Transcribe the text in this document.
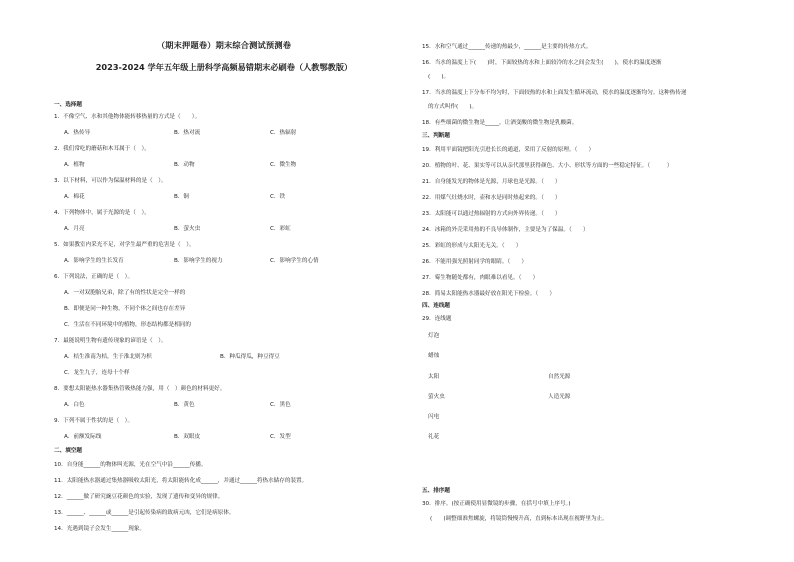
（期末押题卷）期末综合测试预测卷
2023-2024 学年五年级上册科学高频易错期末必刷卷（人教鄂教版）
一、选择题
1．不像空气、水和其他物体能转移热量的方式是（　　）。
A．热传导	B．热对流	C．热辐射
2．我们常吃的蘑菇和木耳属于（　）。
A．植物	B．动物	C．微生物
3．以下材料，可以作为保温材料的是（　）。
A．棉花	B．铜	C．铁
4．下列物体中，属于光源的是（　）。
A．月亮	B．萤火虫	C．彩虹
5．如果教室内采光不足，对学生最严重的危害是（　）。
A．影响学生的生长发育	B．影响学生的视力	C．影响学生的心情
6．下列说法，正确的是（　）。
A．一对双胞胎兄弟，除了有的性状是完全一样的
B．即便是同一种生物，不同个体之间也存在差异
C．生活在不同环境中的植物，形态结构都是相同的
7．最能说明生物有遗传现象的谚语是（　）。
A．桔生淮南为桔，生于淮北则为枳	B．种瓜得瓜，种豆得豆
C．龙生九子，连母十个样
8．要想太阳能热水器集热管吸热能力强，用（　）颜色的材料更好。
A．白色	B．黄色	C．黑色
9．下列不属于性状的是（　）。
A．前额发际线	B．双眼皮	C．发型
二、填空题
10．自身能______的物体叫光源，光在空气中沿______传播。
11．太阳能热水器通过集热器吸收太阳光，将太阳能转化成______，并通过______将热水储存的装置。
12．______做了研究豌豆花颜色的实验，发现了遗传和变异的规律。
13．______、______或______是引起传染病的致病元凶，它们是病原体。
14．光遇到镜子会发生______现象。
15．水和空气通过______传递的热最少，______是主要的传热方式。
16．当水的温度上下(　　)时，下面较热的水和上面较冷的水之间会发生(　　)，使水的温度逐渐
(　　)。
17．当水的温度上下分布不均匀时，下面较热的水和上面发生循环流动，使水的温度逐渐均匀。这种热传递
的方式叫作(　　)。
18．有些细菌的微生物是_____，让酒变酸的微生物是乳酸菌。
三、判断题
19．利用平面镜把阳光引进长长的通道，采用了反射的原理。（　　）
20．植物的叶、花、果实等可以从亲代那里获得颜色、大小、形状等方面的一些稳定特征。（　　　）
21．自身能发光的物体是光源，月球也是光源。（　　）
22．用煤气灶烧水时，壶和水是同时热起来的。（　　）
23．太阳能可以通过热辐射的方式向外界传递。（　　）
24．冰箱的外壳采用热的不良导体制作，主要是为了保温。（　　）
25．彩虹的形成与太阳光无关。（　　）
26．不能用强光照射同学的眼睛。（　　）
27．霉生物随处都有，肉眼难以看见。（　　）
28．简易太阳能热水器最好放在阳光下检验。（　　）
四、连线题
29．连线题
灯泡
蜡烛
太阳	自然光源
萤火虫	人造光源
闪电
礼花
五、排序题
30．排序。(按正确使用显微镜的步骤，在括号中填上序号。)
(　　)调整细准焦螺旋，将镜筒慢慢升高，直到标本出现在视野里为止。
